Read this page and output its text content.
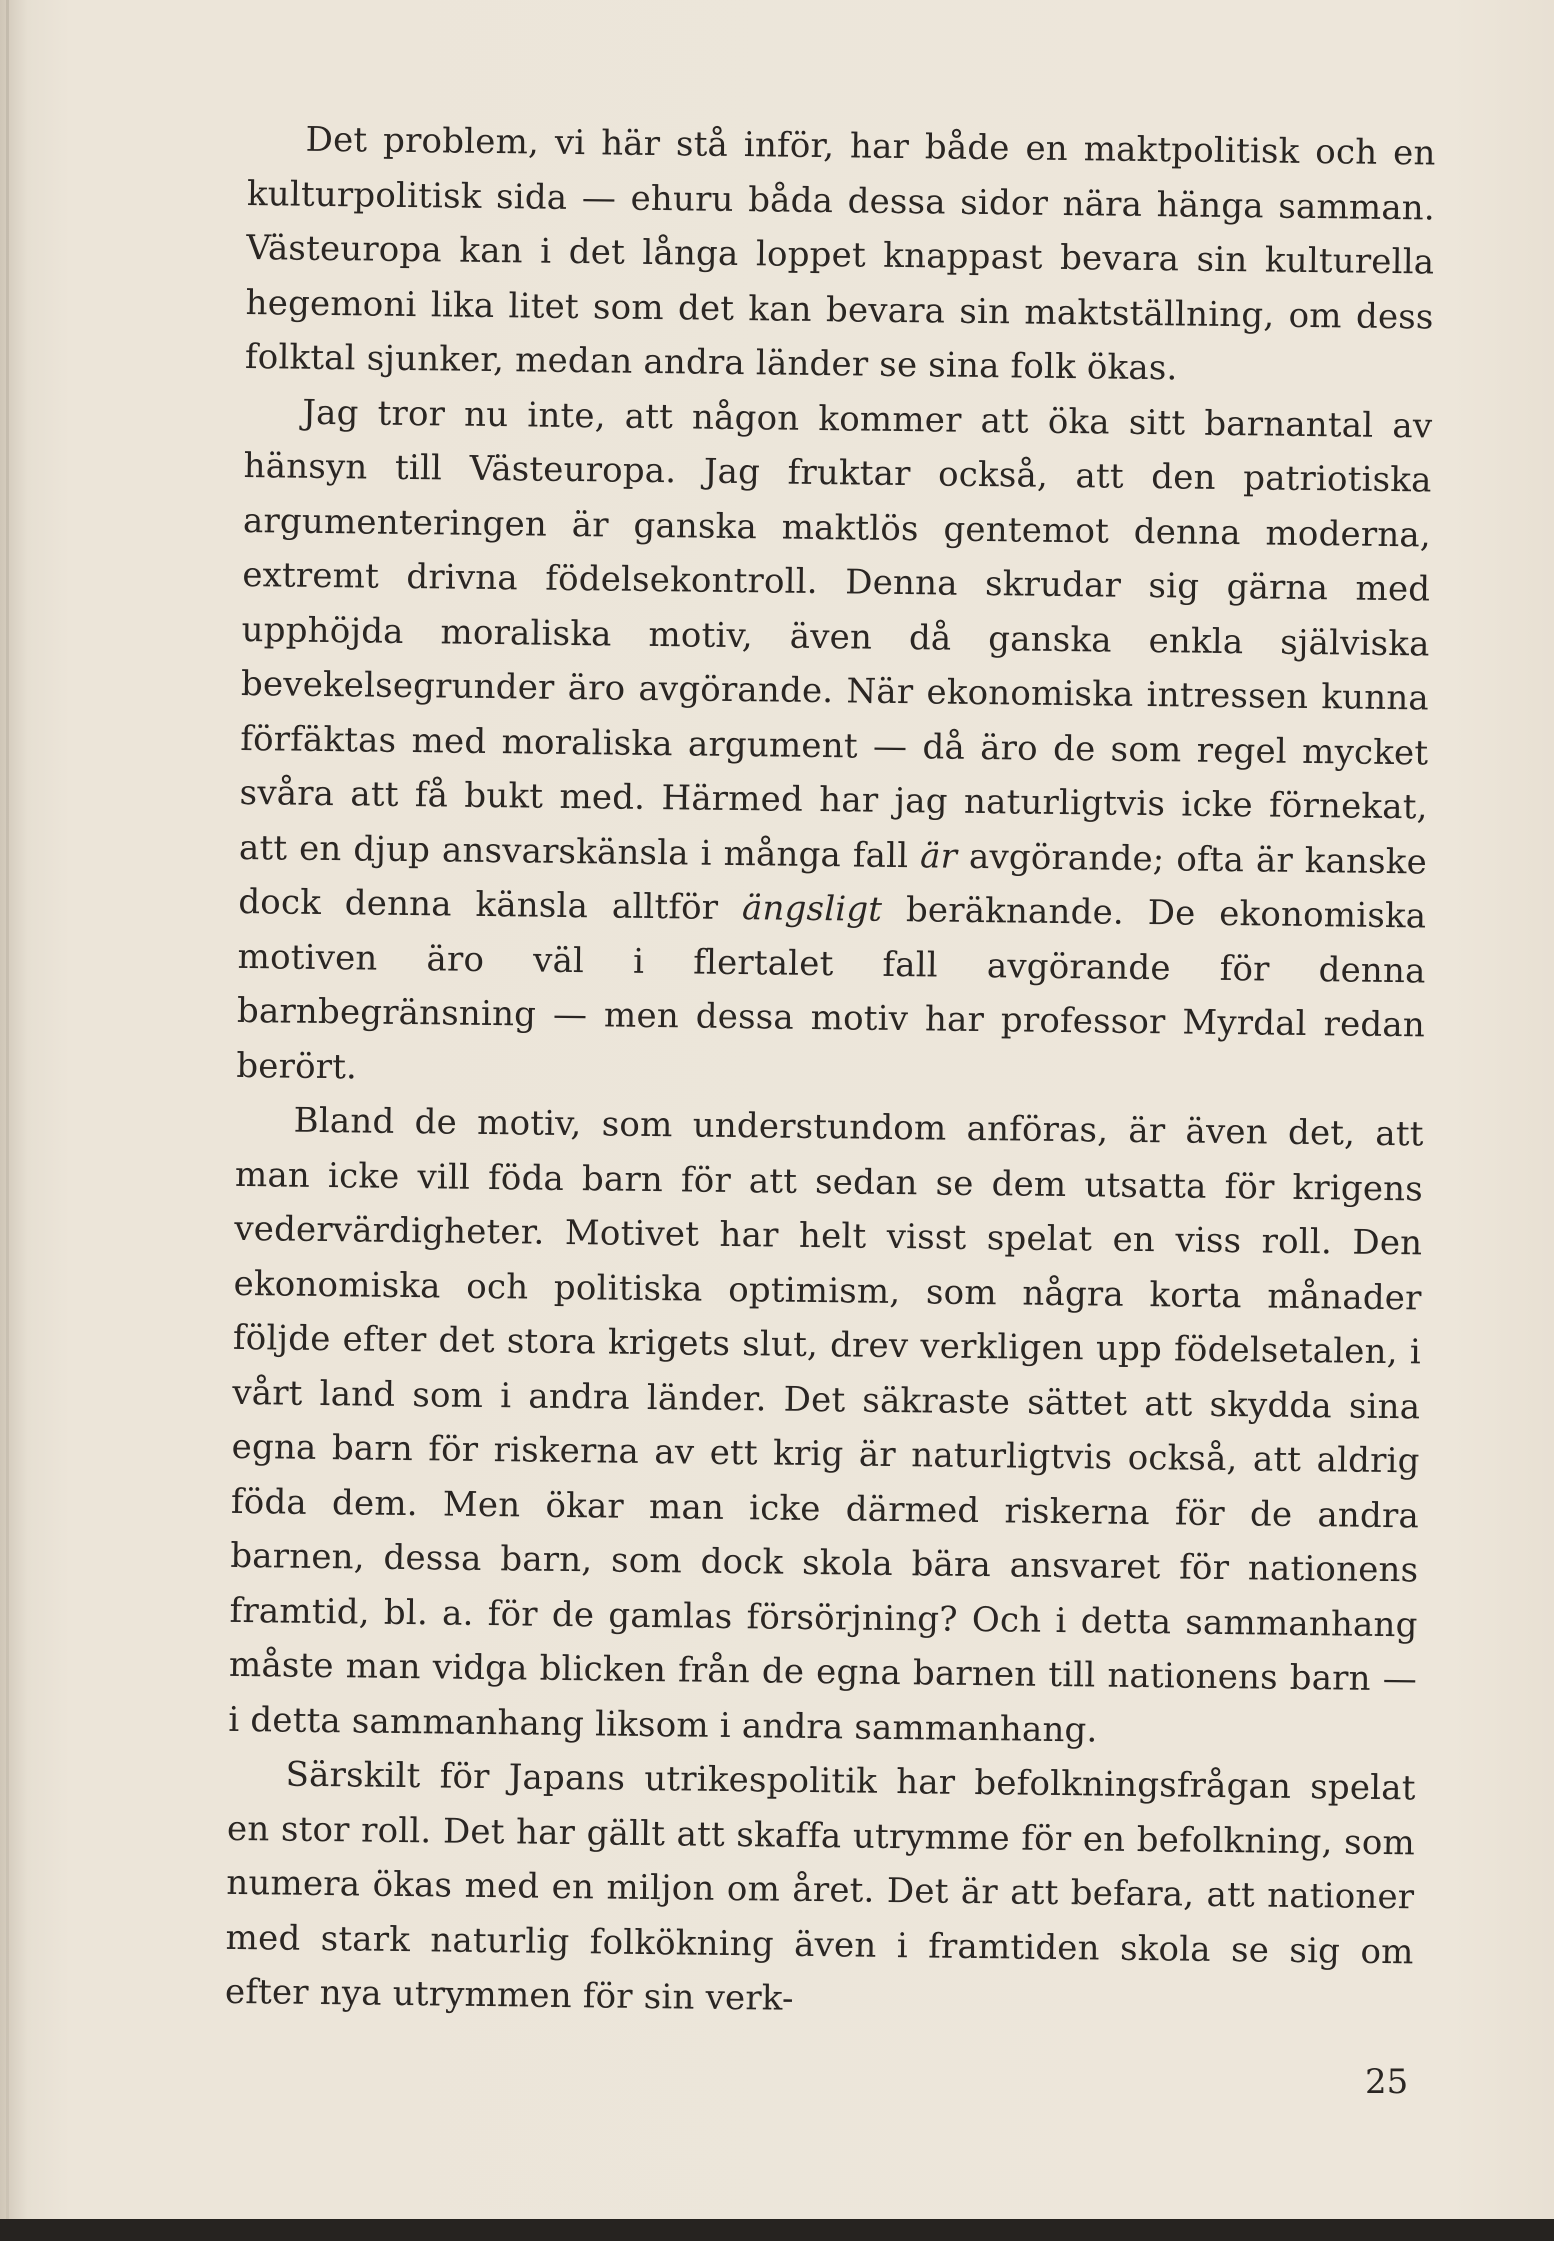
Det problem, vi här stå inför, har både en maktpolitisk och en kulturpolitisk sida — ehuru båda dessa sidor nära hänga samman. Västeuropa kan i det långa loppet knappast bevara sin kulturella hegemoni lika litet som det kan bevara sin maktställning, om dess folktal sjunker, medan andra länder se sina folk ökas.

Jag tror nu inte, att någon kommer att öka sitt barnantal av hänsyn till Västeuropa. Jag fruktar också, att den patriotiska argumenteringen är ganska maktlös gentemot denna moderna, extremt drivna födelsekontroll. Denna skrudar sig gärna med upphöjda moraliska motiv, även då ganska enkla själviska bevekelsegrunder äro avgörande. När ekonomiska intressen kunna förfäktas med moraliska argument — då äro de som regel mycket svåra att få bukt med. Härmed har jag naturligtvis icke förnekat, att en djup ansvarskänsla i många fall är avgörande; ofta är kanske dock denna känsla alltför ängsligt beräknande. De ekonomiska motiven äro väl i flertalet fall avgörande för denna barnbegränsning — men dessa motiv har professor Myrdal redan berört.

Bland de motiv, som understundom anföras, är även det, att man icke vill föda barn för att sedan se dem utsatta för krigens vedervärdigheter. Motivet har helt visst spelat en viss roll. Den ekonomiska och politiska optimism, som några korta månader följde efter det stora krigets slut, drev verkligen upp födelsetalen, i vårt land som i andra länder. Det säkraste sättet att skydda sina egna barn för riskerna av ett krig är naturligtvis också, att aldrig föda dem. Men ökar man icke därmed riskerna för de andra barnen, dessa barn, som dock skola bära ansvaret för nationens framtid, bl. a. för de gamlas försörjning? Och i detta sammanhang måste man vidga blicken från de egna barnen till nationens barn — i detta sammanhang liksom i andra sammanhang.

Särskilt för Japans utrikespolitik har befolkningsfrågan spelat en stor roll. Det har gällt att skaffa utrymme för en befolkning, som numera ökas med en miljon om året. Det är att befara, att nationer med stark naturlig folkökning även i framtiden skola se sig om efter nya utrymmen för sin verk-

25
